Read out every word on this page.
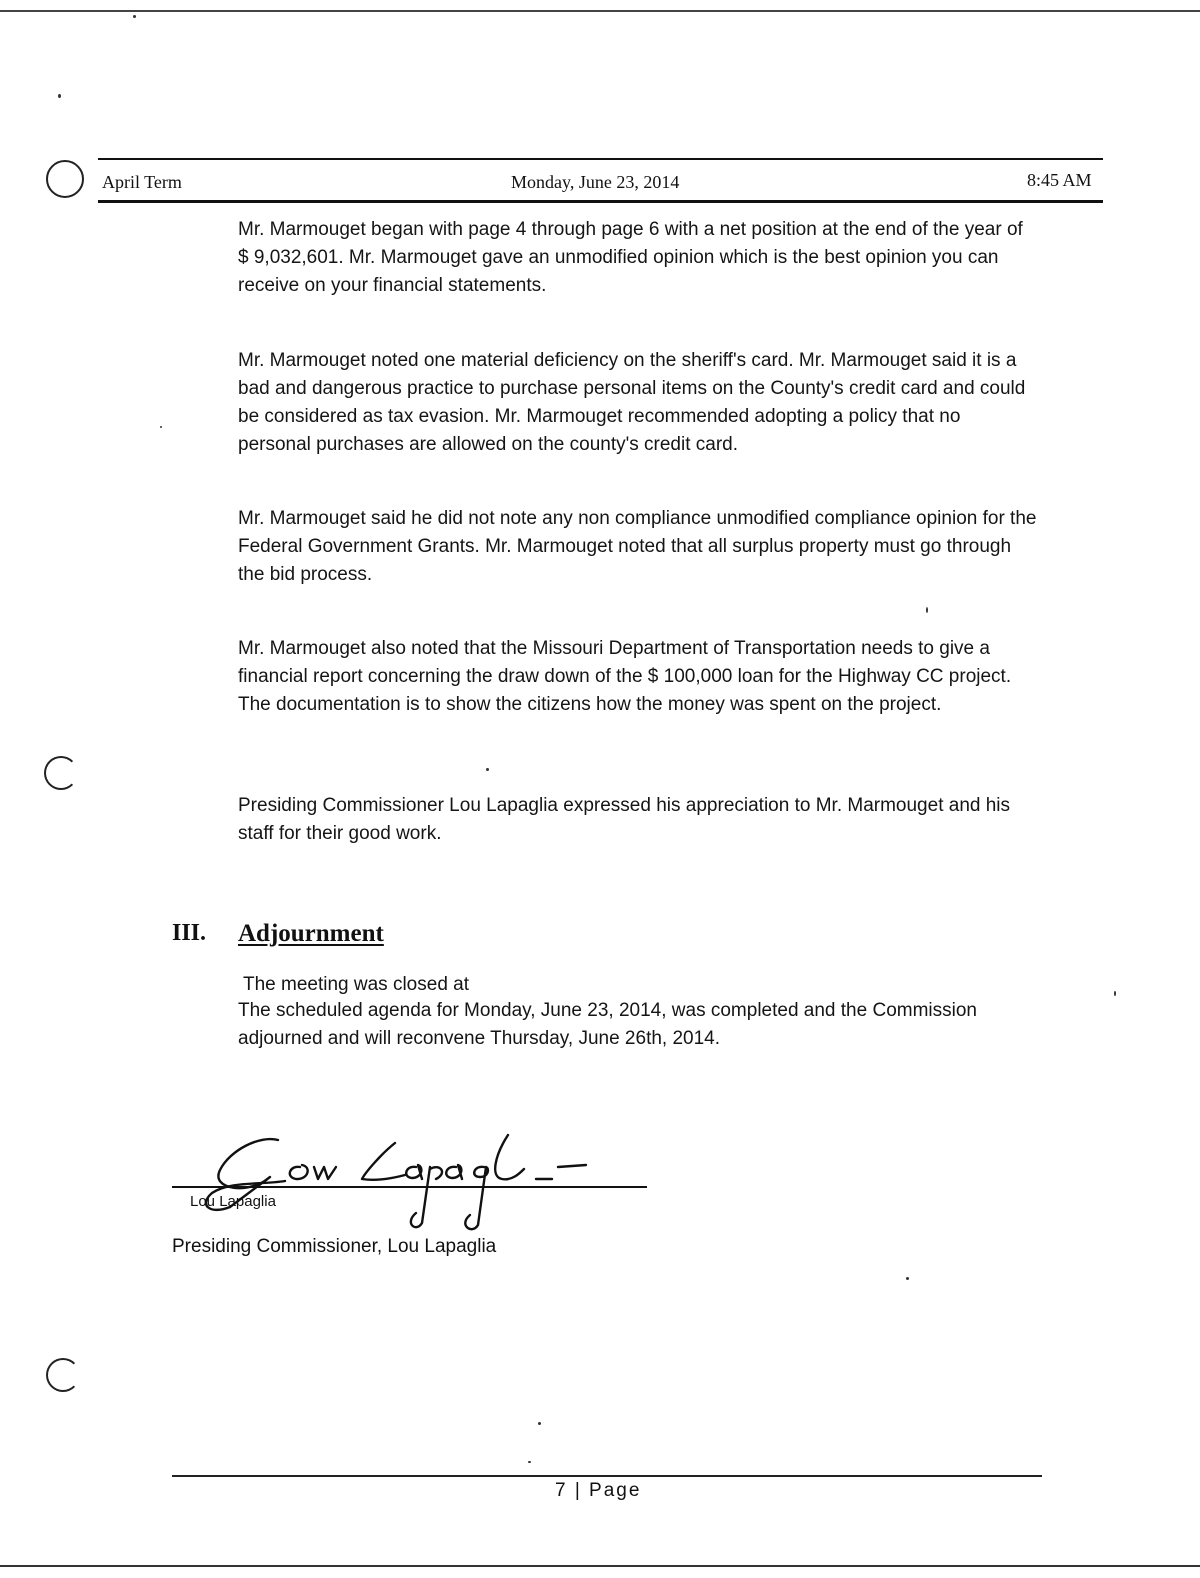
April Term	Monday, June 23, 2014	8:45 AM
Mr. Marmouget began with page 4 through page 6 with a net position at the end of the year of $ 9,032,601. Mr. Marmouget gave an unmodified opinion which is the best opinion you can receive on your financial statements.
Mr. Marmouget noted one material deficiency on the sheriff's card. Mr. Marmouget said it is a bad and dangerous practice to purchase personal items on the County's credit card and could be considered as tax evasion. Mr. Marmouget recommended adopting a policy that no personal purchases are allowed on the county's credit card.
Mr. Marmouget said he did not note any non compliance unmodified compliance opinion for the Federal Government Grants. Mr. Marmouget noted that all surplus property must go through the bid process.
Mr. Marmouget also noted that the Missouri Department of Transportation needs to give a financial report concerning the draw down of the $ 100,000 loan for the Highway CC project. The documentation is to show the citizens how the money was spent on the project.
Presiding Commissioner Lou Lapaglia expressed his appreciation to Mr. Marmouget and his staff for their good work.
III. Adjournment
The meeting was closed at
The scheduled agenda for Monday, June 23, 2014, was completed and the Commission adjourned and will reconvene Thursday, June 26th, 2014.
Lou Lapaglia
Presiding Commissioner, Lou Lapaglia
7 | Page
